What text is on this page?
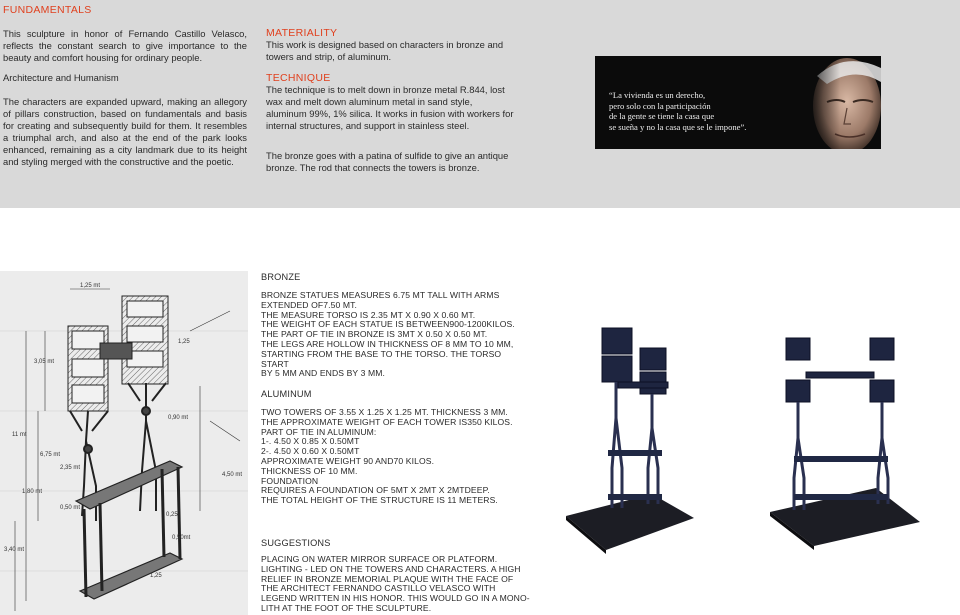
FUNDAMENTALS
This sculpture in honor of Fernando Castillo Velasco, reflects the constant search to give importance to the beauty and comfort housing for ordinary people.
Architecture and Humanism
The characters are expanded upward, making an allegory of pillars construction, based on fundamentals and basis for creating and subsequently build for them. It resembles a triumphal arch, and also at the end of the park looks enhanced, remaining as a city landmark due to its height and styling merged with the constructive and the poetic.
MATERIALITY
This work is designed based on characters in bronze and towers and strip, of aluminum.
TECHNIQUE
The technique is to melt down in bronze metal R.844, lost wax and melt down aluminum metal in sand style, aluminum 99%, 1% silica. It works in fusion with workers for internal structures, and support in stainless steel.
The bronze goes with a patina of sulfide to give an antique bronze. The rod that connects the towers is bronze.
“La vivienda es un derecho,
pero solo con la participación
de la gente se tiene la casa que
se sueña y no la casa que se le impone”.
1,25 mt
3,05 mt
1,25
0,90 mt
11 mt
6,75 mt
2,35 mt
4,50 mt
1,80 mt
0,50 mt
3,40 mt
0,25
0,50mt
1,25
BRONZE

BRONZE STATUES MEASURES 6.75 MT TALL WITH ARMS

EXTENDED OF7.50 MT.

THE MEASURE TORSO IS 2.35 MT X 0.90 X 0.60 MT.

THE WEIGHT OF EACH STATUE IS BETWEEN900-1200KILOS.

THE PART OF TIE IN BRONZE IS 3MT X 0.50 X 0.50 MT.

THE LEGS ARE HOLLOW IN THICKNESS OF 8 MM TO 10 MM,

STARTING FROM THE BASE TO THE TORSO. THE TORSO START

BY 5 MM AND ENDS BY 3 MM.

ALUMINUM

TWO TOWERS OF 3.55 X 1.25 X 1.25 MT. THICKNESS 3 MM.

THE APPROXIMATE WEIGHT OF EACH TOWER IS350 KILOS.

PART OF TIE IN ALUMINUM:

1-. 4.50 X 0.85 X 0.50MT

2-. 4.50 X 0.60 X 0.50MT

APPROXIMATE WEIGHT 90 AND70 KILOS.

THICKNESS OF 10 MM.

FOUNDATION

REQUIRES A FOUNDATION OF 5MT X 2MT X 2MTDEEP.

THE TOTAL HEIGHT OF THE STRUCTURE IS 11 METERS.

SUGGESTIONS

PLACING ON WATER MIRROR SURFACE OR PLATFORM.

LIGHTING - LED ON THE TOWERS AND CHARACTERS. A HIGH

RELIEF IN BRONZE MEMORIAL PLAQUE WITH THE FACE OF

THE ARCHITECT FERNANDO CASTILLO VELASCO WITH

LEGEND WRITTEN IN HIS HONOR. THIS WOULD GO IN A MONO-

LITH AT THE FOOT OF THE SCULPTURE.
